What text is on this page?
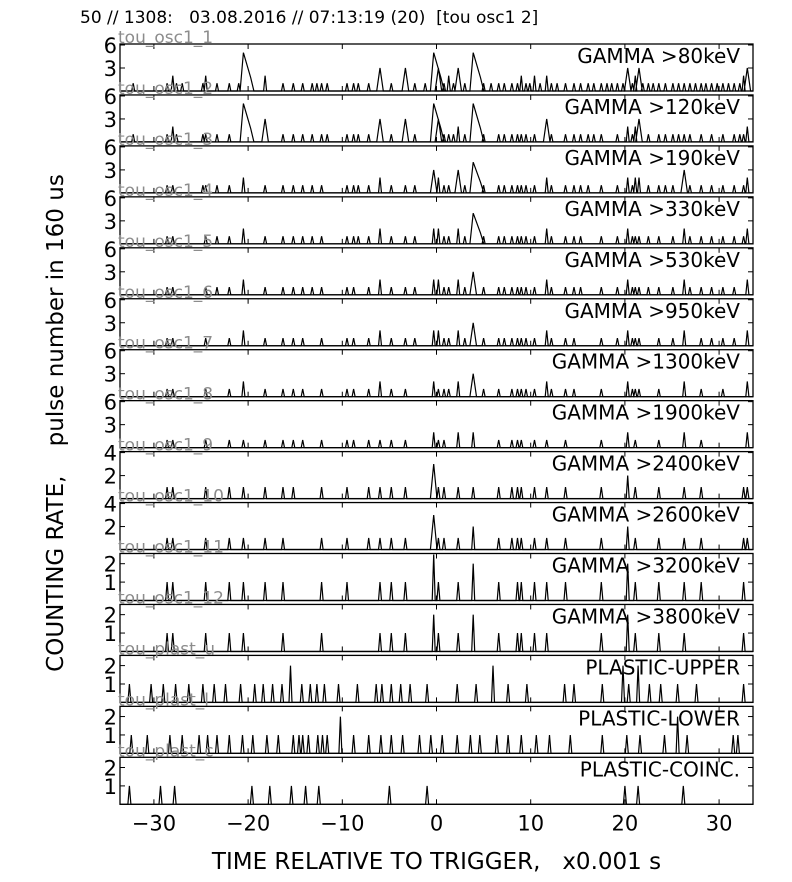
50 // 1308:   03.08.2016 // 07:13:19 (20)  [tou osc1 2]
COUNTING RATE,    pulse number in 160 us
TIME RELATIVE TO TRIGGER,   x0.001 s
3
6	GAMMA >80keV
tou_osc1_1
3
6	GAMMA >120keV
tou_osc1_2
3
6	GAMMA >190keV
tou_osc1_3
3
6	GAMMA >330keV
tou_osc1_4
3
6	GAMMA >530keV
tou_osc1_5
3
6	GAMMA >950keV
tou_osc1_6
3
6	GAMMA >1300keV
tou_osc1_7
3
6	GAMMA >1900keV
tou_osc1_8
2
4	GAMMA >2400keV
tou_osc1_9
2
4	GAMMA >2600keV
tou_osc1_10
1
2	GAMMA >3200keV
tou_osc1_11
1
2	GAMMA >3800keV
tou_osc1_12
1
2	PLASTIC-UPPER
tou_plast_u
1
2	PLASTIC-LOWER
tou_plast_l
1
2	PLASTIC-COINC.
tou_plast_c
−30 −20 −10	0	10	20	30
